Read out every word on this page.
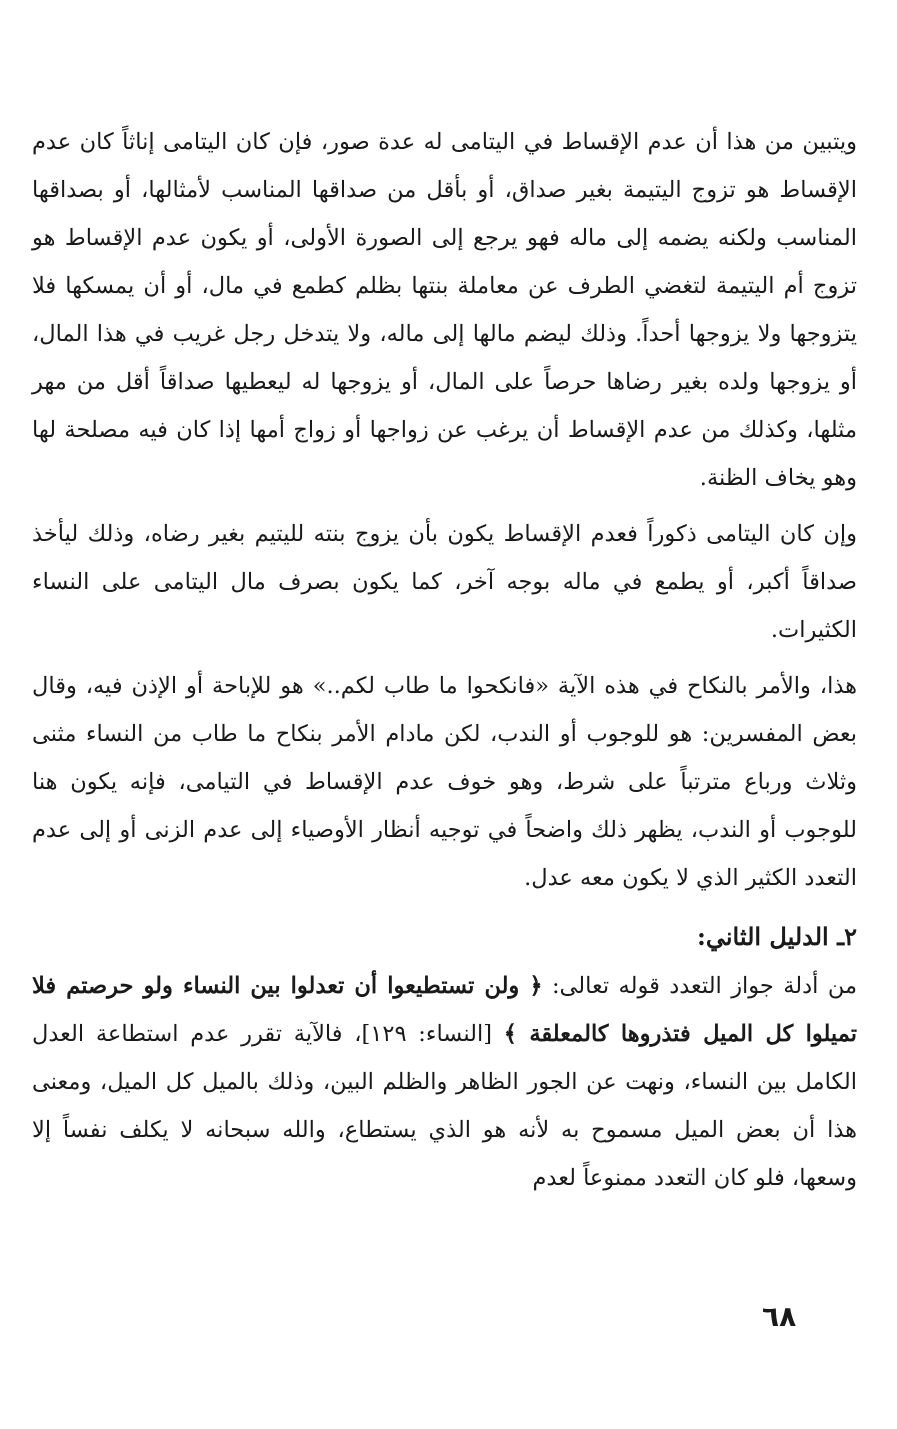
ويتبين من هذا أن عدم الإقساط في اليتامى له عدة صور، فإن كان اليتامى إناثاً كان عدم الإقساط هو تزوج اليتيمة بغير صداق، أو بأقل من صداقها المناسب لأمثالها، أو بصداقها المناسب ولكنه يضمه إلى ماله فهو يرجع إلى الصورة الأولى، أو يكون عدم الإقساط هو تزوج أم اليتيمة لتغضي الطرف عن معاملة بنتها بظلم كطمع في مال، أو أن يمسكها فلا يتزوجها ولا يزوجها أحداً. وذلك ليضم مالها إلى ماله، ولا يتدخل رجل غريب في هذا المال، أو يزوجها ولده بغير رضاها حرصاً على المال، أو يزوجها له ليعطيها صداقاً أقل من مهر مثلها، وكذلك من عدم الإقساط أن يرغب عن زواجها أو زواج أمها إذا كان فيه مصلحة لها وهو يخاف الظنة.

وإن كان اليتامى ذكوراً فعدم الإقساط يكون بأن يزوج بنته لليتيم بغير رضاه، وذلك ليأخذ صداقاً أكبر، أو يطمع في ماله بوجه آخر، كما يكون بصرف مال اليتامى على النساء الكثيرات.

هذا، والأمر بالنكاح في هذه الآية «فانكحوا ما طاب لكم..» هو للإباحة أو الإذن فيه، وقال بعض المفسرين: هو للوجوب أو الندب، لكن مادام الأمر بنكاح ما طاب من النساء مثنى وثلاث ورباع مترتباً على شرط، وهو خوف عدم الإقساط في التيامى، فإنه يكون هنا للوجوب أو الندب، يظهر ذلك واضحاً في توجيه أنظار الأوصياء إلى عدم الزنى أو إلى عدم التعدد الكثير الذي لا يكون معه عدل.

٢ـ الدليل الثاني:

من أدلة جواز التعدد قوله تعالى: ﴿ ولن تستطيعوا أن تعدلوا بين النساء ولو حرصتم فلا تميلوا كل الميل فتذروها كالمعلقة ﴾ [النساء: ١٢٩]، فالآية تقرر عدم استطاعة العدل الكامل بين النساء، ونهت عن الجور الظاهر والظلم البين، وذلك بالميل كل الميل، ومعنى هذا أن بعض الميل مسموح به لأنه هو الذي يستطاع، والله سبحانه لا يكلف نفساً إلا وسعها، فلو كان التعدد ممنوعاً لعدم

٦٨
